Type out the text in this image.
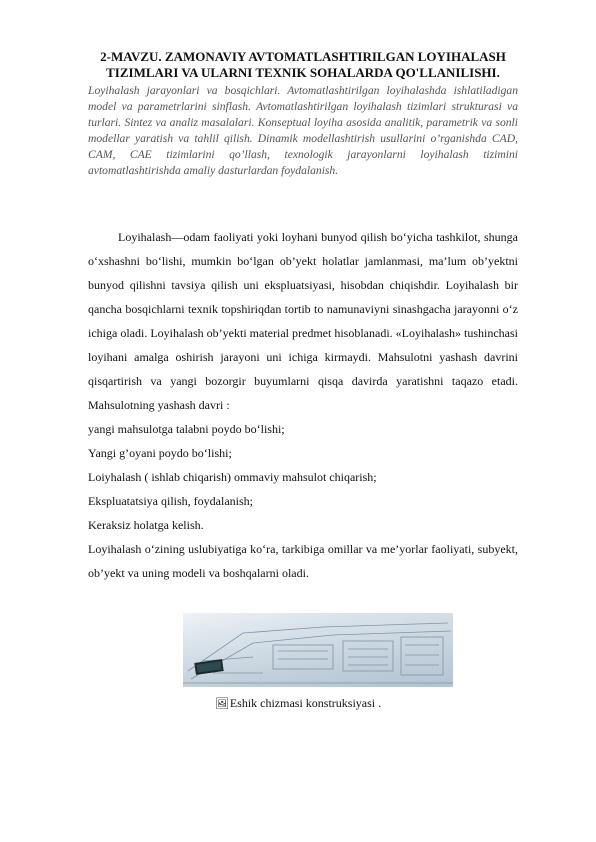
2-MAVZU. ZAMONAVIY AVTOMATLASHTIRILGAN LOYIHALASH TIZIMLARI VA ULARNI TEXNIK SOHALARDA QO'LLANILISHI.
Loyihalash jarayonlari va bosqichlari. Avtomatlashtirilgan loyihalashda ishlatiladigan model va parametrlarini sinflash. Avtomatlashtirilgan loyihalash tizimlari strukturasi va turlari. Sintez va analiz masalalari. Konseptual loyiha asosida analitik, parametrik va sonli modellar yaratish va tahlil qilish. Dinamik modellashtirish usullarini o’rganishda CAD, CAM, CAE tizimlarini qo’llash, texnologik jarayonlarni loyihalash tizimini avtomatlashtirishda amaliy dasturlardan foydalanish.

Loyihalash—odam faoliyati yoki loyhani bunyod qilish bo‘yicha tashkilot, shunga o‘xshashni bo‘lishi, mumkin bo‘lgan ob’yekt holatlar jamlanmasi, ma’lum ob’yektni bunyod qilishni tavsiya qilish uni ekspluatsiyasi, hisobdan chiqishdir. Loyihalash bir qancha bosqichlarni texnik topshiriqdan tortib to namunaviyni sinashgacha jarayonni o‘z ichiga oladi. Loyihalash ob’yekti material predmet hisoblanadi. «Loyihalash» tushinchasi loyihani amalga oshirish jarayoni uni ichiga kirmaydi. Mahsulotni yashash davrini qisqartirish va yangi bozorgir buyumlarni qisqa davirda yaratishni taqazo etadi. Mahsulotning yashash davri :

yangi mahsulotga talabni poydo bo‘lishi;

Yangi g’oyani poydo bo‘lishi;

Loiyhalash ( ishlab chiqarish) ommaviy mahsulot chiqarish;

Ekspluatatsiya qilish, foydalanish;

Keraksiz holatga kelish.

Loyihalash o‘zining uslubiyatiga ko‘ra, tarkibiga omillar va me’yorlar faoliyati, subyekt, ob’yekt va uning modeli va boshqalarni oladi.

🖼Eshik chizmasi konstruksiyasi .
